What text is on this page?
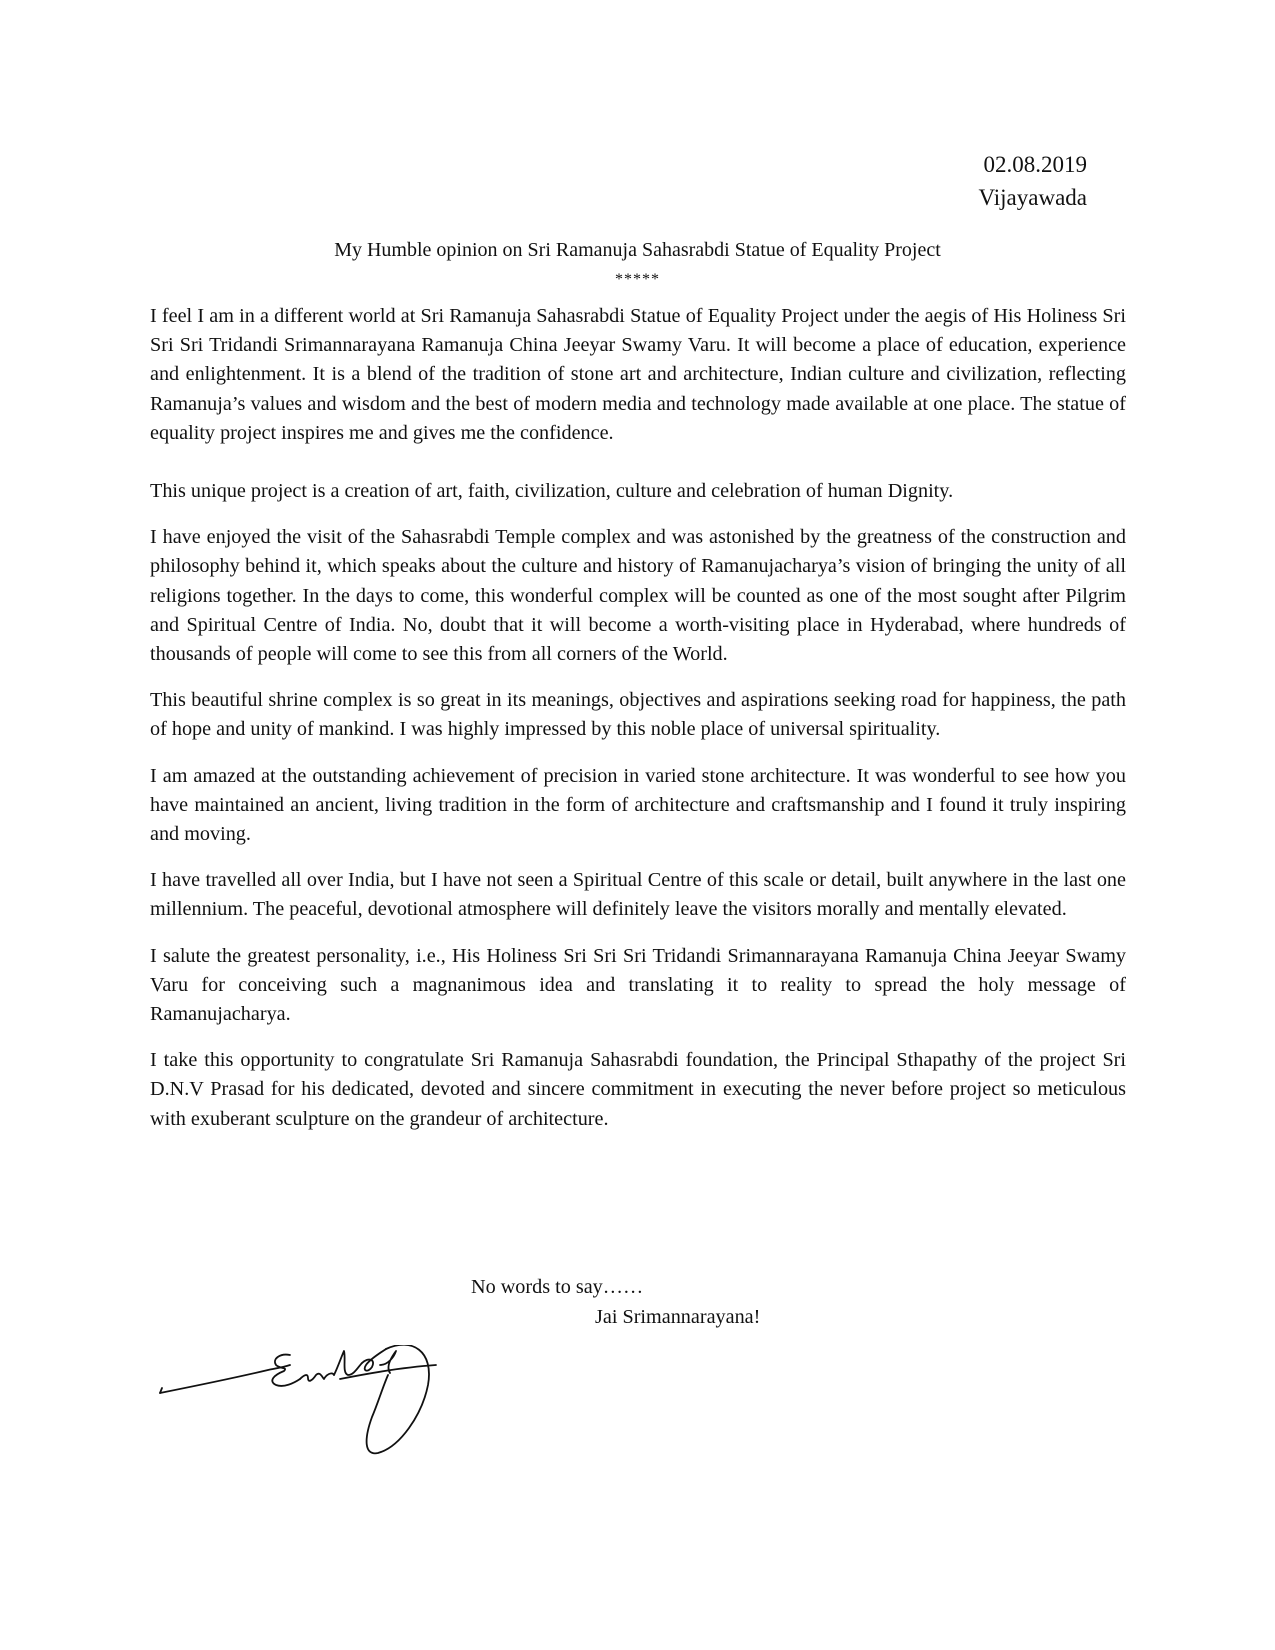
02.08.2019
Vijayawada
My Humble opinion on Sri Ramanuja Sahasrabdi Statue of Equality Project
*****

I feel I am in a different world at Sri Ramanuja Sahasrabdi Statue of Equality Project under the aegis of His Holiness Sri Sri Sri Tridandi Srimannarayana Ramanuja China Jeeyar Swamy Varu. It will become a place of education, experience and enlightenment. It is a blend of the tradition of stone art and architecture, Indian culture and civilization, reflecting Ramanuja’s values and wisdom and the best of modern media and technology made available at one place. The statue of equality project inspires me and gives me the confidence.

This unique project is a creation of art, faith, civilization, culture and celebration of human Dignity.

I have enjoyed the visit of the Sahasrabdi Temple complex and was astonished by the greatness of the construction and philosophy behind it, which speaks about the culture and history of Ramanujacharya’s vision of bringing the unity of all religions together. In the days to come, this wonderful complex will be counted as one of the most sought after Pilgrim and Spiritual Centre of India. No, doubt that it will become a worth-visiting place in Hyderabad, where hundreds of thousands of people will come to see this from all corners of the World.

This beautiful shrine complex is so great in its meanings, objectives and aspirations seeking road for happiness, the path of hope and unity of mankind. I was highly impressed by this noble place of universal spirituality.

I am amazed at the outstanding achievement of precision in varied stone architecture. It was wonderful to see how you have maintained an ancient, living tradition in the form of architecture and craftsmanship and I found it truly inspiring and moving.

I have travelled all over India, but I have not seen a Spiritual Centre of this scale or detail, built anywhere in the last one millennium. The peaceful, devotional atmosphere will definitely leave the visitors morally and mentally elevated.

I salute the greatest personality, i.e., His Holiness Sri Sri Sri Tridandi Srimannarayana Ramanuja China Jeeyar Swamy Varu for conceiving such a magnanimous idea and translating it to reality to spread the holy message of Ramanujacharya.

I take this opportunity to congratulate Sri Ramanuja Sahasrabdi foundation, the Principal Sthapathy of the project Sri D.N.V Prasad for his dedicated, devoted and sincere commitment in executing the never before project so meticulous with exuberant sculpture on the grandeur of architecture.

No words to say……
Jai Srimannarayana!
